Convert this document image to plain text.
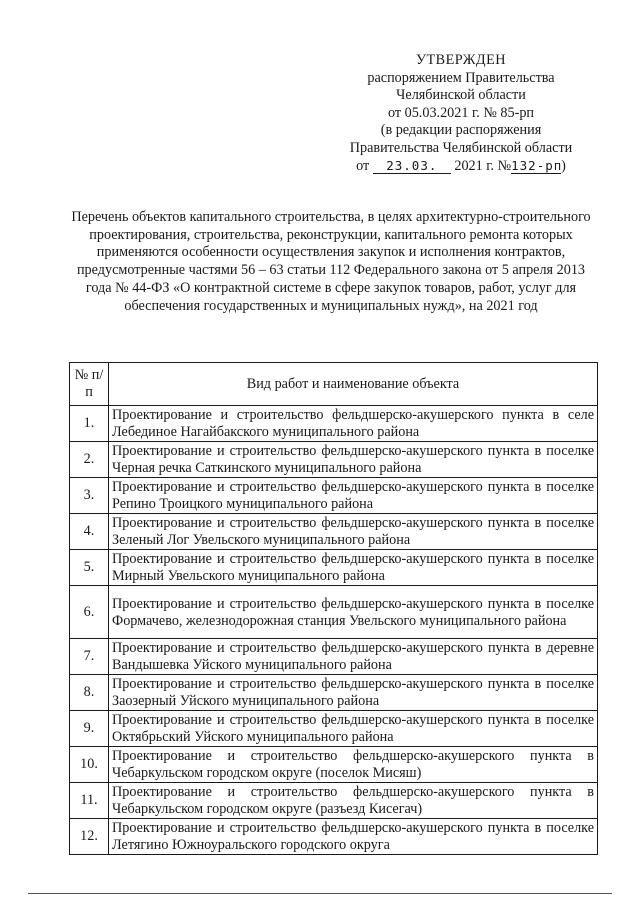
УТВЕРЖДЕН
распоряжением Правительства
Челябинской области
от 05.03.2021 г. № 85-рп
(в редакции распоряжения
Правительства Челябинской области
от 23.03. 2021 г. №132-рп)
Перечень объектов капитального строительства, в целях архитектурно-строительного проектирования, строительства, реконструкции, капитального ремонта которых применяются особенности осуществления закупок и исполнения контрактов, предусмотренные частями 56 – 63 статьи 112 Федерального закона от 5 апреля 2013 года № 44-ФЗ «О контрактной системе в сфере закупок товаров, работ, услуг для обеспечения государственных и муниципальных нужд», на 2021 год
№ п/п	Вид работ и наименование объекта
1.	Проектирование и строительство фельдшерско-акушерского пункта в селе Лебединое Нагайбакского муниципального района
2.	Проектирование и строительство фельдшерско-акушерского пункта в поселке Черная речка Саткинского муниципального района
3.	Проектирование и строительство фельдшерско-акушерского пункта в поселке Репино Троицкого муниципального района
4.	Проектирование и строительство фельдшерско-акушерского пункта в поселке Зеленый Лог Увельского муниципального района
5.	Проектирование и строительство фельдшерско-акушерского пункта в поселке Мирный Увельского муниципального района
6.	Проектирование и строительство фельдшерско-акушерского пункта в поселке Формачево, железнодорожная станция Увельского муниципального района
7.	Проектирование и строительство фельдшерско-акушерского пункта в деревне Вандышевка Уйского муниципального района
8.	Проектирование и строительство фельдшерско-акушерского пункта в поселке Заозерный Уйского муниципального района
9.	Проектирование и строительство фельдшерско-акушерского пункта в поселке Октябрьский Уйского муниципального района
10.	Проектирование и строительство фельдшерско-акушерского пункта в Чебаркульском городском округе (поселок Мисяш)
11.	Проектирование и строительство фельдшерско-акушерского пункта в Чебаркульском городском округе (разъезд Кисегач)
12.	Проектирование и строительство фельдшерско-акушерского пункта в поселке Летягино Южноуральского городского округа
